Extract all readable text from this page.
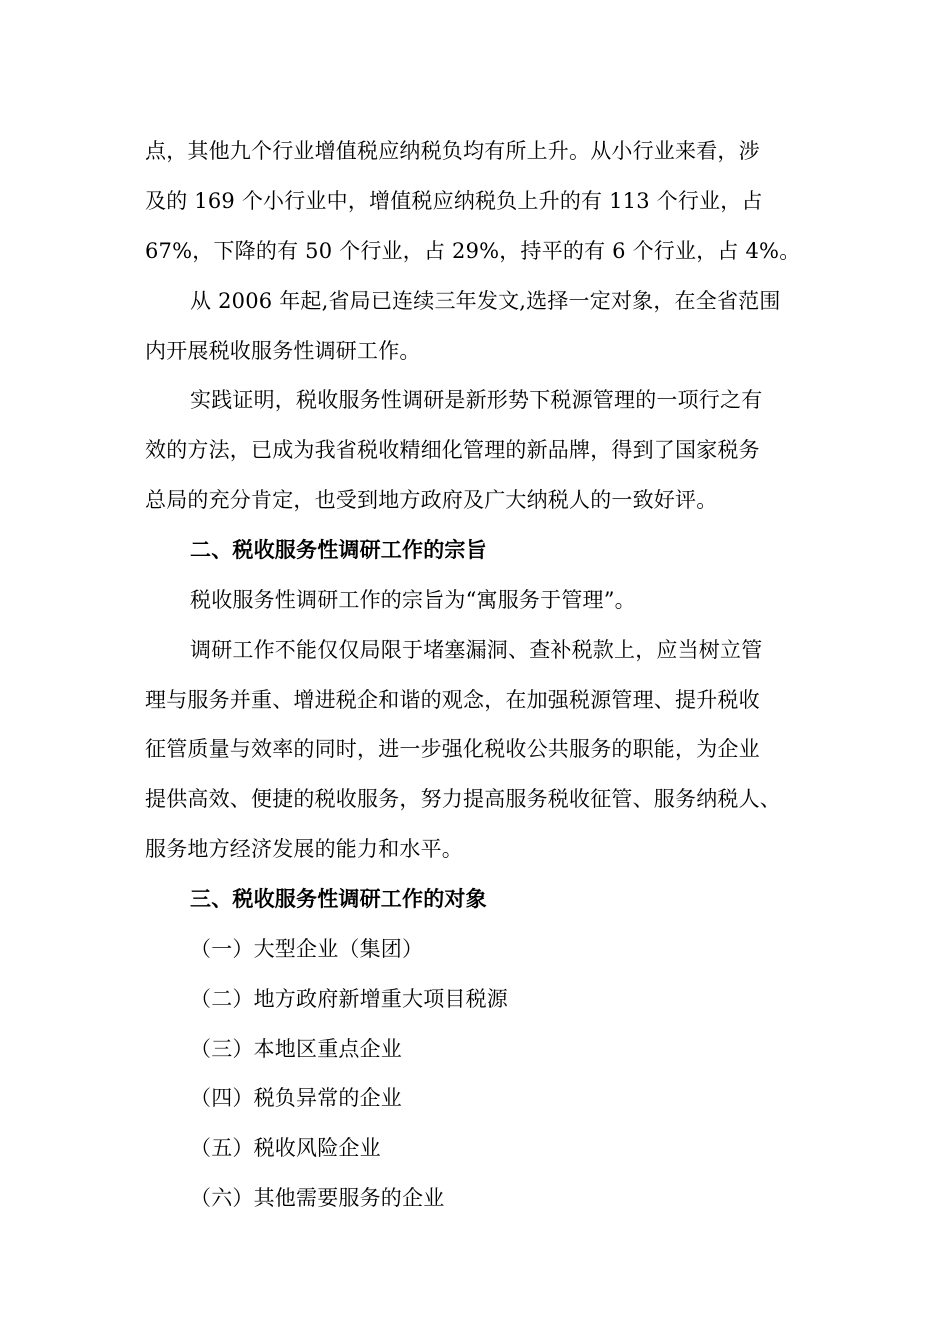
点，其他九个行业增值税应纳税负均有所上升。从小行业来看，涉
及的 169 个小行业中，增值税应纳税负上升的有 113 个行业，占
67%，下降的有 50 个行业，占 29%，持平的有 6 个行业，占 4%。
从 2006 年起,省局已连续三年发文,选择一定对象，在全省范围
内开展税收服务性调研工作。
实践证明，税收服务性调研是新形势下税源管理的一项行之有
效的方法，已成为我省税收精细化管理的新品牌，得到了国家税务
总局的充分肯定，也受到地方政府及广大纳税人的一致好评。
二、税收服务性调研工作的宗旨
税收服务性调研工作的宗旨为“寓服务于管理”。
调研工作不能仅仅局限于堵塞漏洞、查补税款上，应当树立管
理与服务并重、增进税企和谐的观念，在加强税源管理、提升税收
征管质量与效率的同时，进一步强化税收公共服务的职能，为企业
提供高效、便捷的税收服务，努力提高服务税收征管、服务纳税人、
服务地方经济发展的能力和水平。
三、税收服务性调研工作的对象
（一）大型企业（集团）
（二）地方政府新增重大项目税源
（三）本地区重点企业
（四）税负异常的企业
（五）税收风险企业
（六）其他需要服务的企业
